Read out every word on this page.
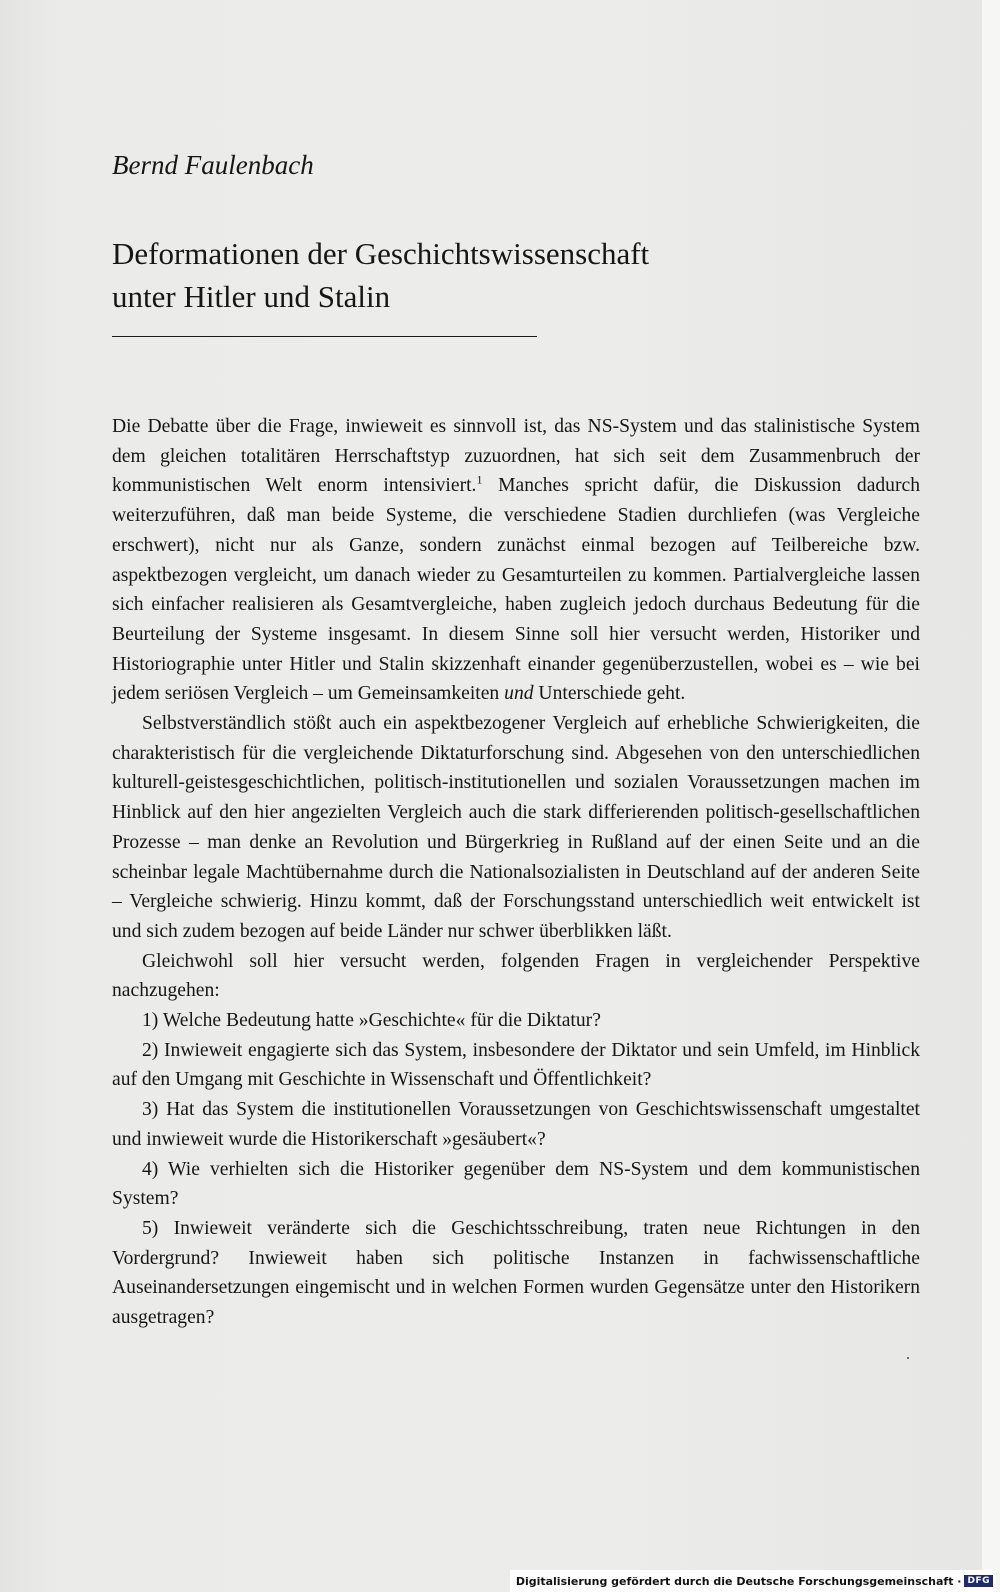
Bernd Faulenbach
Deformationen der Geschichtswissenschaft
unter Hitler und Stalin

Die Debatte über die Frage, inwieweit es sinnvoll ist, das NS-System und das stalinistische System dem gleichen totalitären Herrschaftstyp zuzuordnen, hat sich seit dem Zusammenbruch der kommunistischen Welt enorm intensiviert.$^1$ Manches spricht dafür, die Diskussion dadurch weiterzuführen, daß man beide Systeme, die verschiedene Stadien durchliefen (was Vergleiche erschwert), nicht nur als Ganze, sondern zunächst einmal bezogen auf Teilbereiche bzw. aspektbezogen vergleicht, um danach wieder zu Gesamturteilen zu kommen. Partialvergleiche lassen sich einfacher realisieren als Gesamtvergleiche, haben zugleich jedoch durchaus Bedeutung für die Beurteilung der Systeme insgesamt. In diesem Sinne soll hier versucht werden, Historiker und Historiographie unter Hitler und Stalin skizzenhaft einander gegenüberzustellen, wobei es – wie bei jedem seriösen Vergleich – um Gemeinsamkeiten und Unterschiede geht.

Selbstverständlich stößt auch ein aspektbezogener Vergleich auf erhebliche Schwierigkeiten, die charakteristisch für die vergleichende Diktaturforschung sind. Abgesehen von den unterschiedlichen kulturell-geistesgeschichtlichen, politisch-institutionellen und sozialen Voraussetzungen machen im Hinblick auf den hier angezielten Vergleich auch die stark differierenden politisch-gesellschaftlichen Prozesse – man denke an Revolution und Bürgerkrieg in Rußland auf der einen Seite und an die scheinbar legale Machtübernahme durch die Nationalsozialisten in Deutschland auf der anderen Seite – Vergleiche schwierig. Hinzu kommt, daß der Forschungsstand unterschiedlich weit entwickelt ist und sich zudem bezogen auf beide Länder nur schwer überblikken läßt.

Gleichwohl soll hier versucht werden, folgenden Fragen in vergleichender Perspektive nachzugehen:

1) Welche Bedeutung hatte »Geschichte« für die Diktatur?

2) Inwieweit engagierte sich das System, insbesondere der Diktator und sein Umfeld, im Hinblick auf den Umgang mit Geschichte in Wissenschaft und Öffentlichkeit?

3) Hat das System die institutionellen Voraussetzungen von Geschichtswissenschaft umgestaltet und inwieweit wurde die Historikerschaft »gesäubert«?

4) Wie verhielten sich die Historiker gegenüber dem NS-System und dem kommunistischen System?

5) Inwieweit veränderte sich die Geschichtsschreibung, traten neue Richtungen in den Vordergrund? Inwieweit haben sich politische Instanzen in fachwissenschaftliche Auseinandersetzungen eingemischt und in welchen Formen wurden Gegensätze unter den Historikern ausgetragen?

Digitalisierung gefördert durch die Deutsche Forschungsgemeinschaft · DFG
